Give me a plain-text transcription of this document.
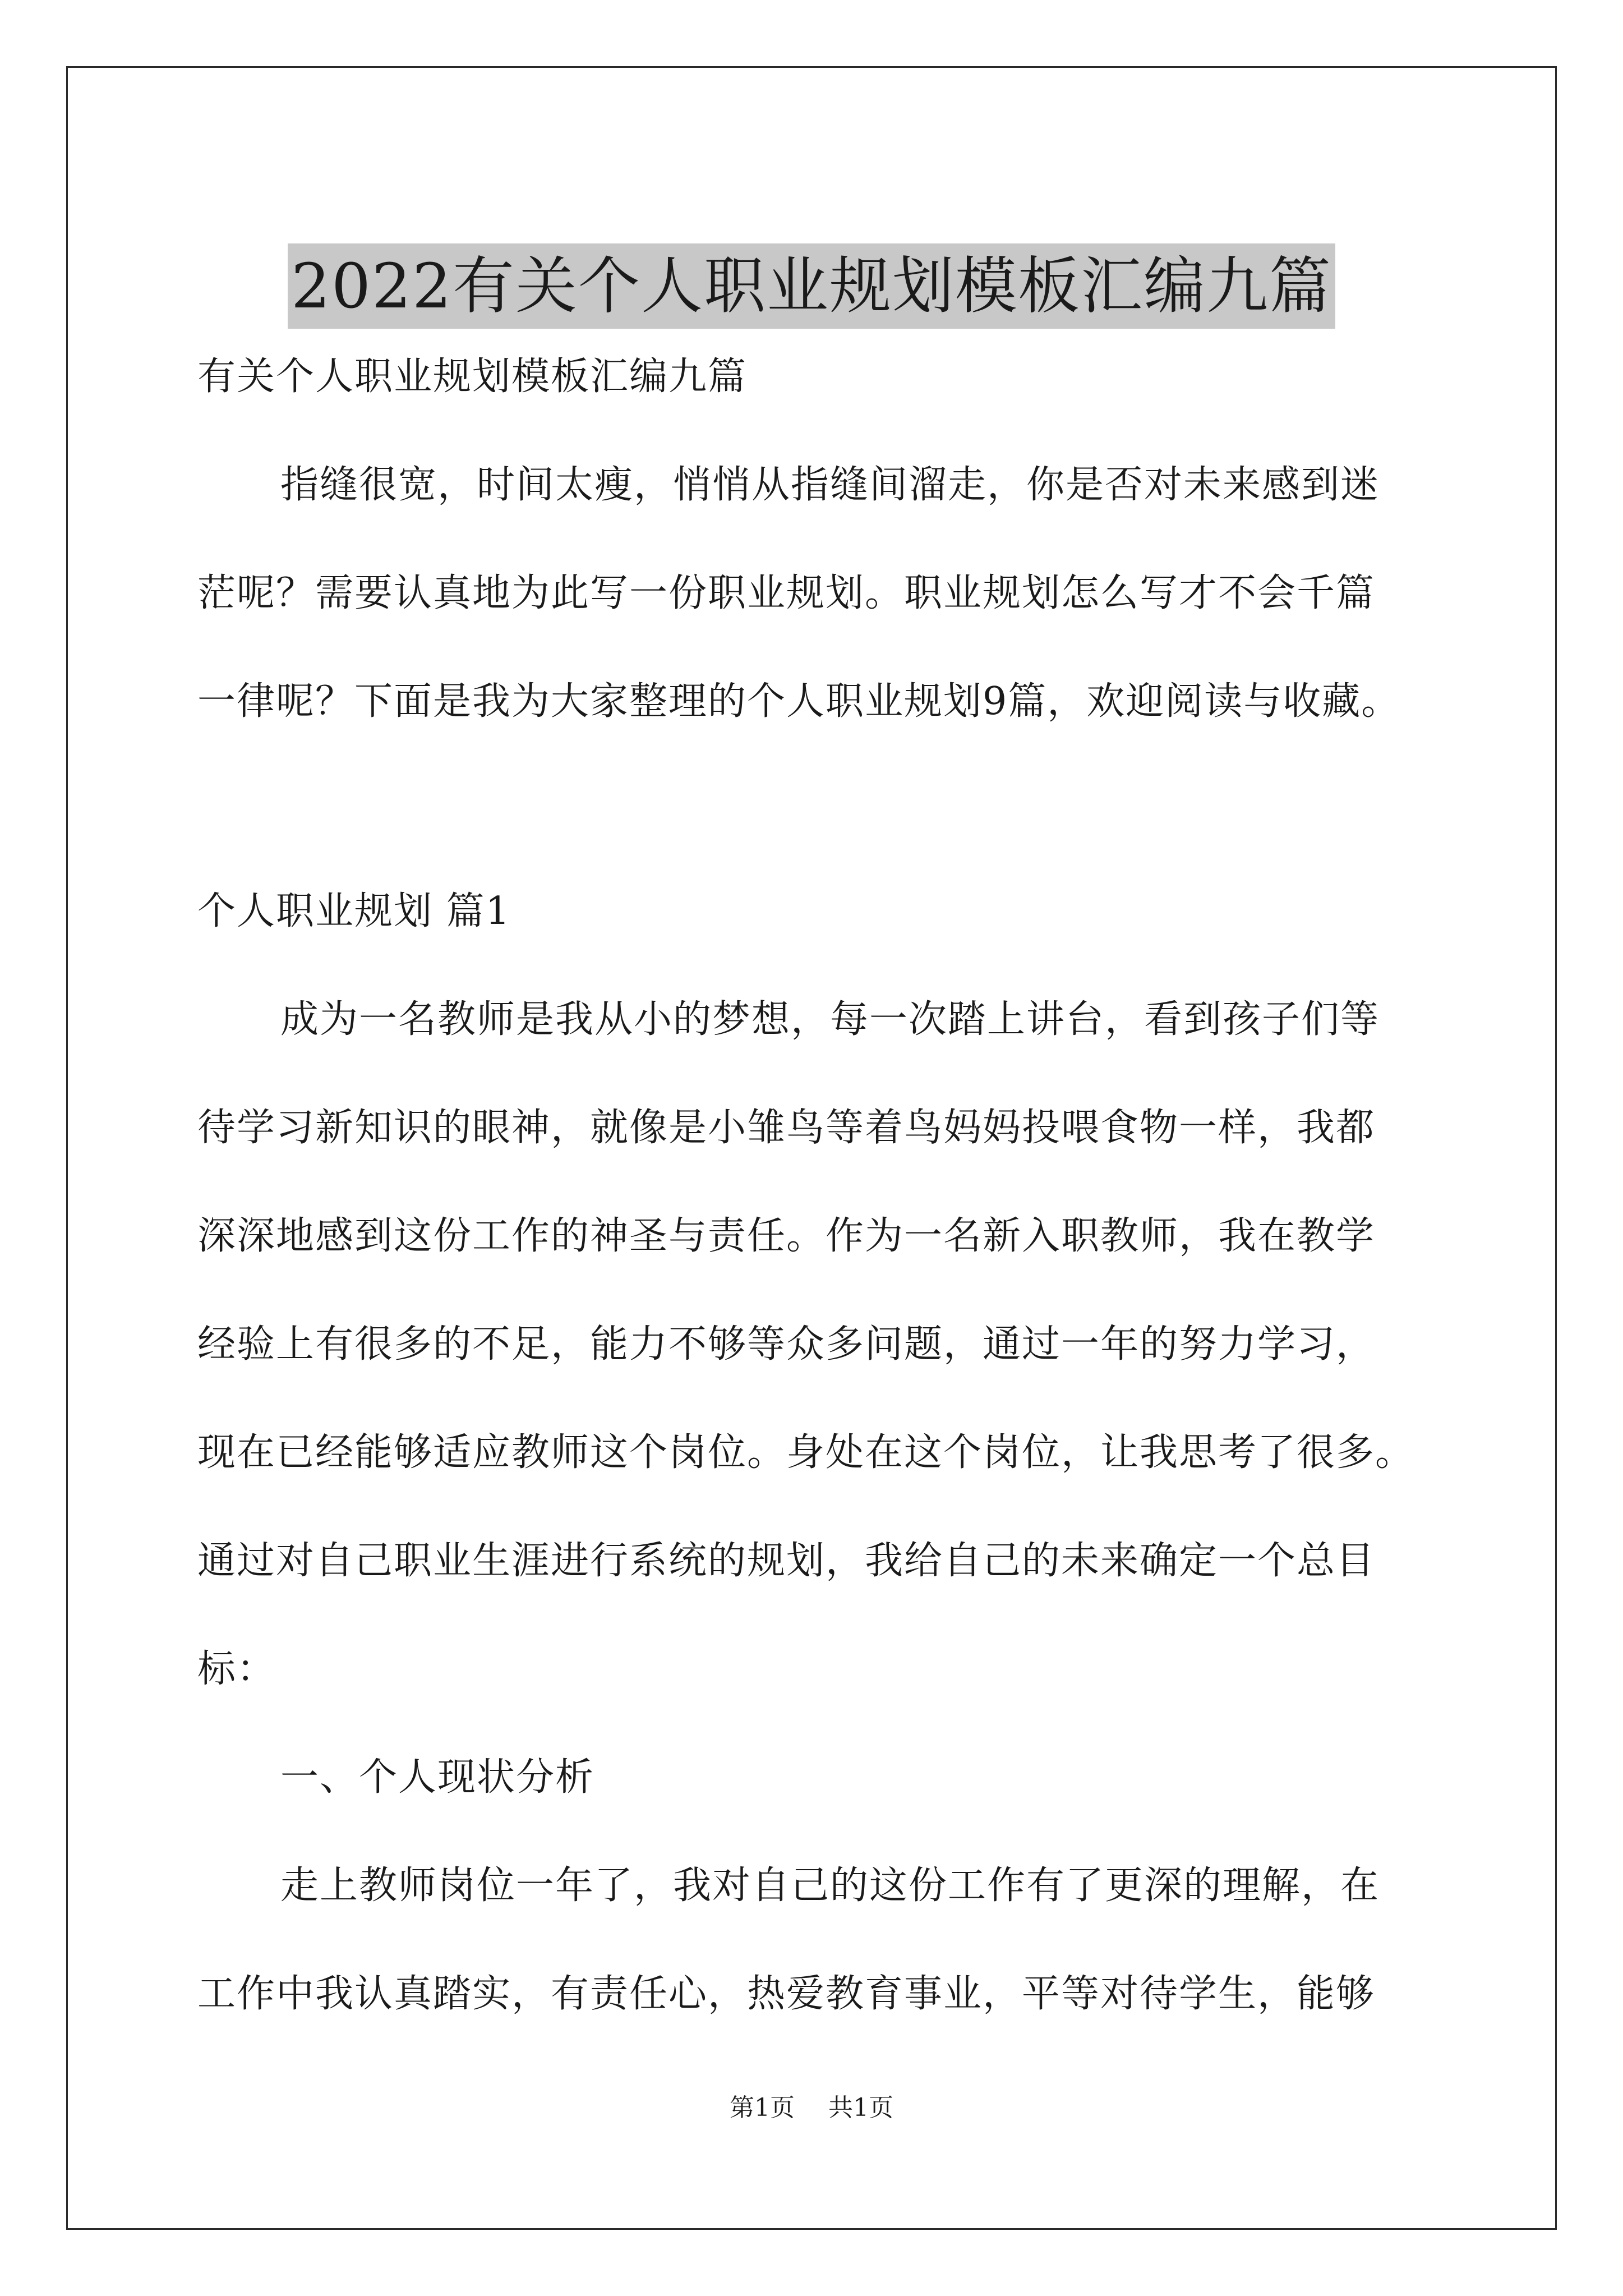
2022有关个人职业规划模板汇编九篇
有关个人职业规划模板汇编九篇
指缝很宽，时间太瘦，悄悄从指缝间溜走，你是否对未来感到迷
茫呢？需要认真地为此写一份职业规划。职业规划怎么写才不会千篇
一律呢？下面是我为大家整理的个人职业规划9篇，欢迎阅读与收藏。
个人职业规划 篇1
成为一名教师是我从小的梦想，每一次踏上讲台，看到孩子们等
待学习新知识的眼神，就像是小雏鸟等着鸟妈妈投喂食物一样，我都
深深地感到这份工作的神圣与责任。作为一名新入职教师，我在教学
经验上有很多的不足，能力不够等众多问题，通过一年的努力学习，
现在已经能够适应教师这个岗位。身处在这个岗位，让我思考了很多。
通过对自己职业生涯进行系统的规划，我给自己的未来确定一个总目
标：
一、个人现状分析
走上教师岗位一年了，我对自己的这份工作有了更深的理解，在
工作中我认真踏实，有责任心，热爱教育事业，平等对待学生，能够
第1页 共1页
